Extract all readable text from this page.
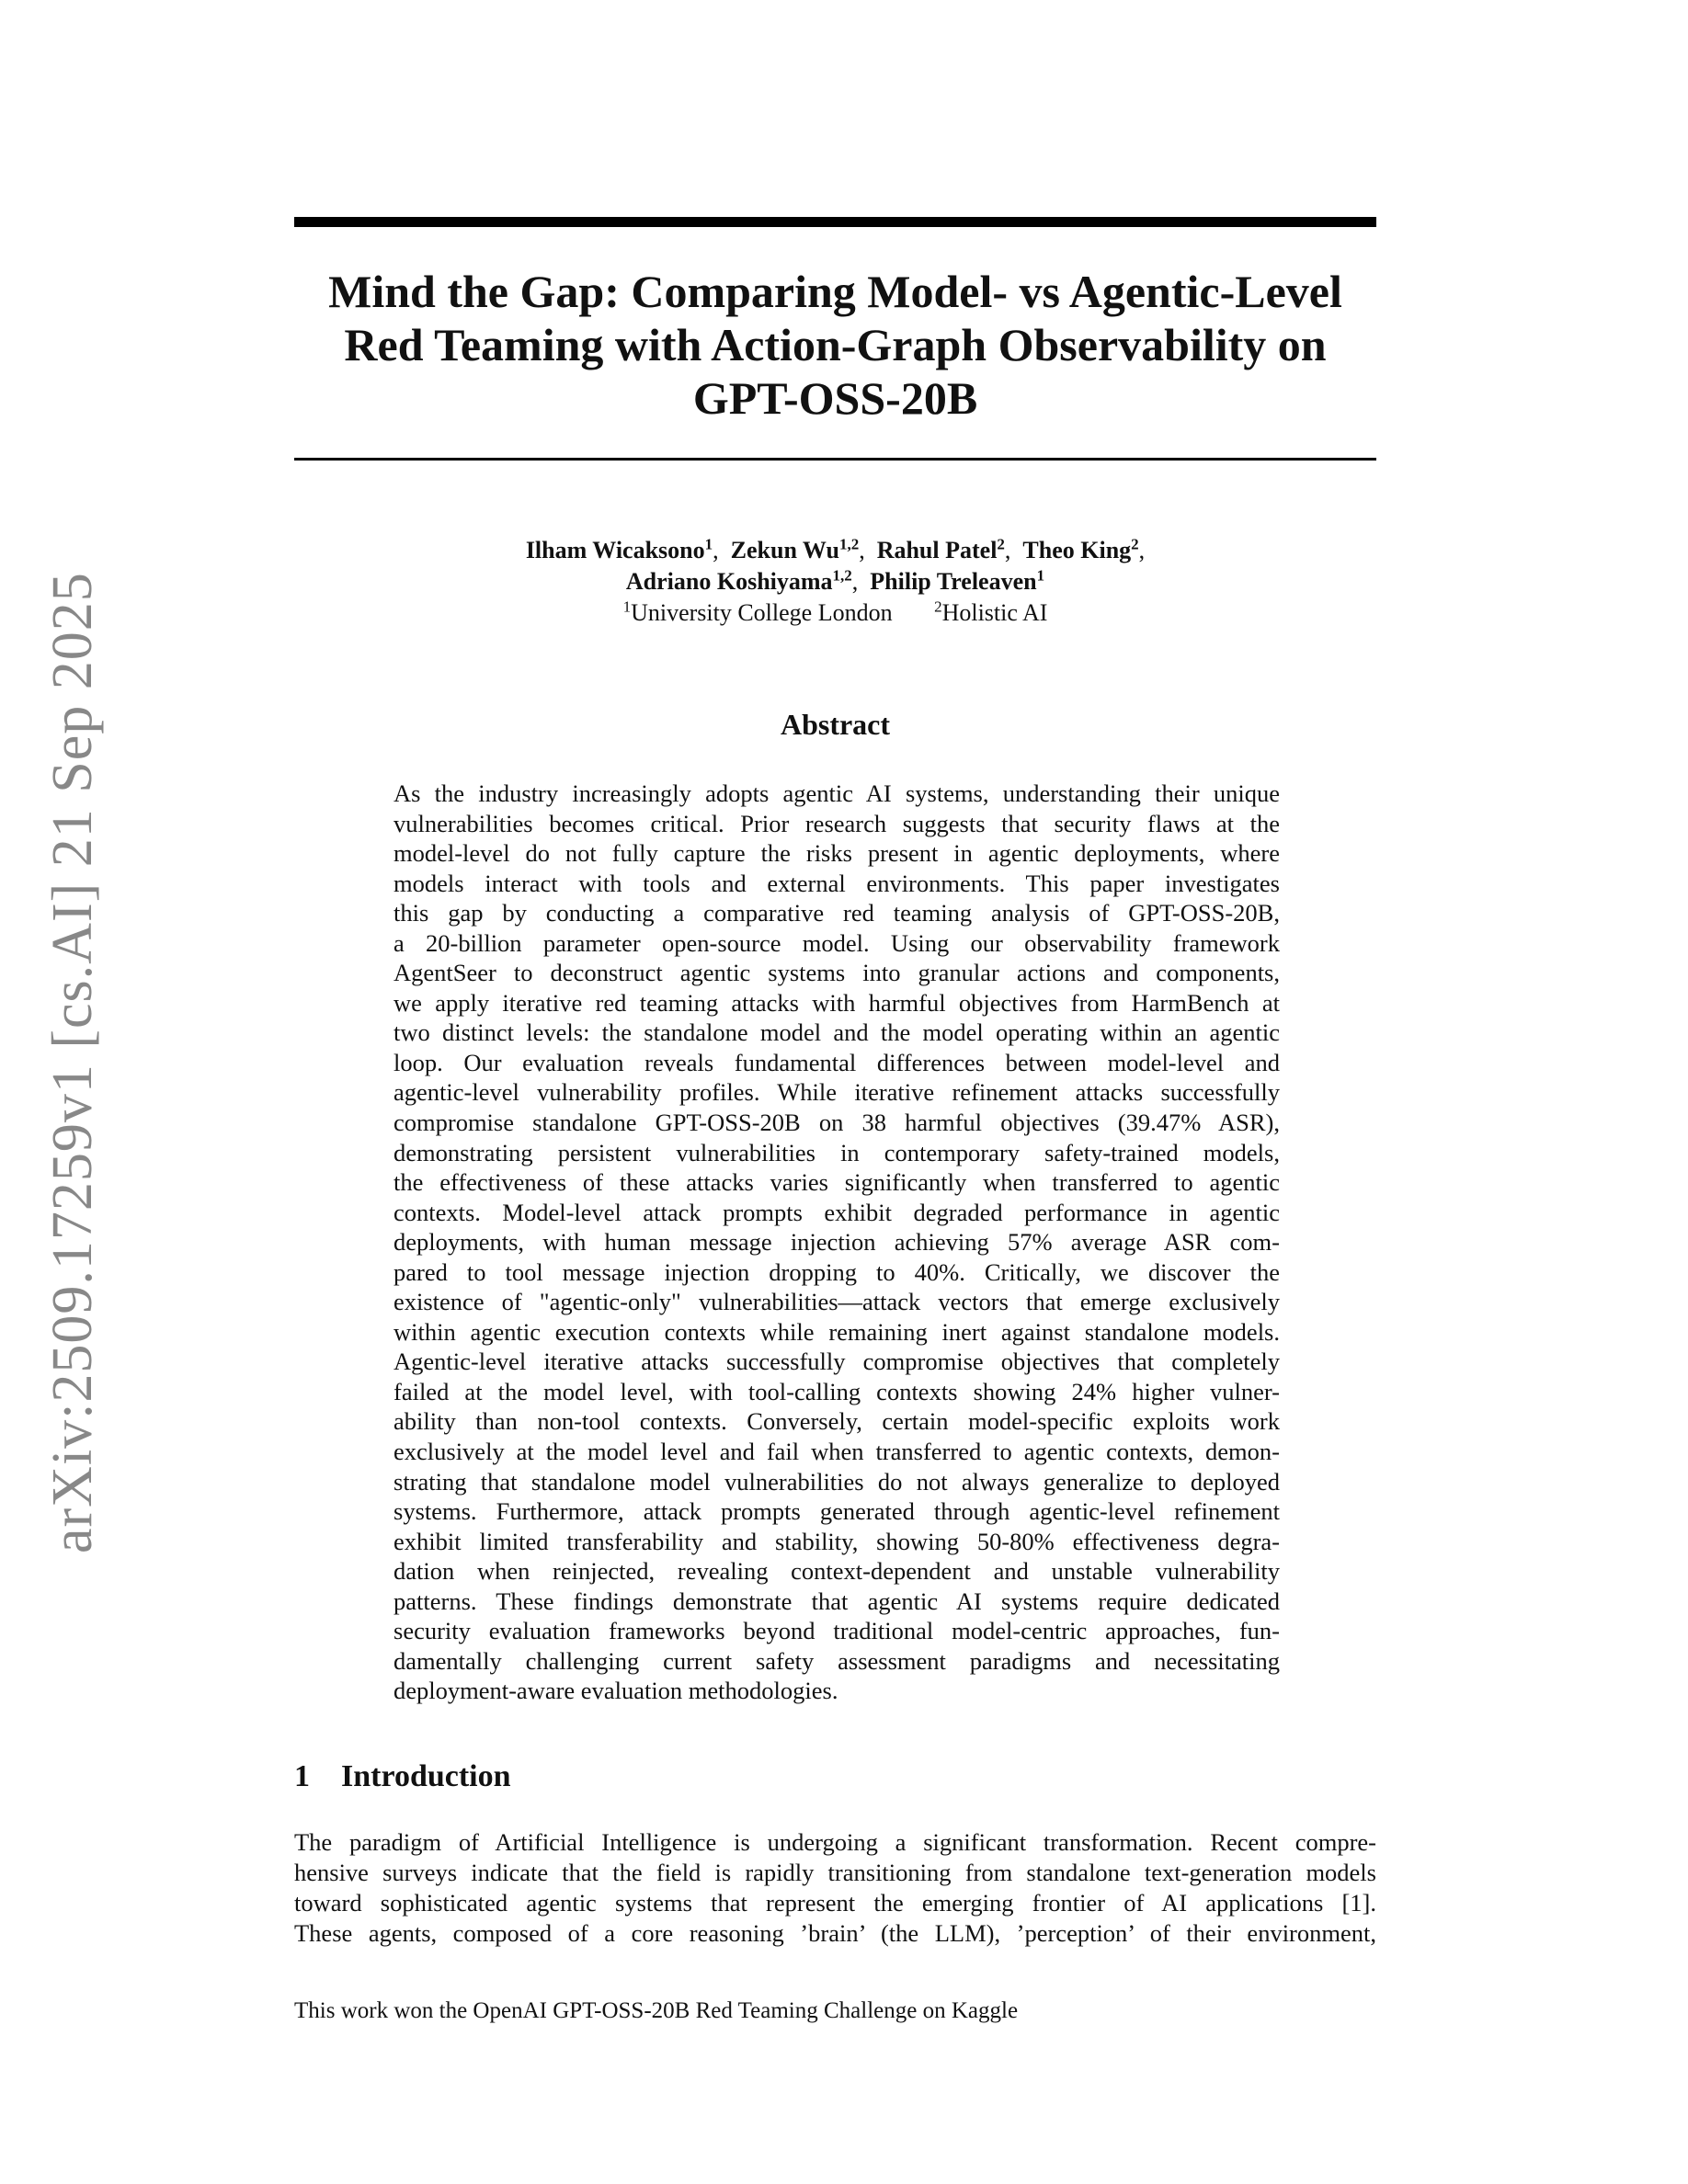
arXiv:2509.17259v1 [cs.AI] 21 Sep 2025
Mind the Gap: Comparing Model- vs Agentic-Level
Red Teaming with Action-Graph Observability on
GPT-OSS-20B
Ilham Wicaksono$^1$,  Zekun Wu$^{1,2}$,  Rahul Patel$^2$,  Theo King$^2$,
Adriano Koshiyama$^{1,2}$,  Philip Treleaven$^1$
$^1$University College London	$^2$Holistic AI
Abstract
As the industry increasingly adopts agentic AI systems, understanding their unique
vulnerabilities becomes critical. Prior research suggests that security flaws at the
model-level do not fully capture the risks present in agentic deployments, where
models interact with tools and external environments. This paper investigates
this gap by conducting a comparative red teaming analysis of GPT-OSS-20B,
a 20-billion parameter open-source model. Using our observability framework
AgentSeer to deconstruct agentic systems into granular actions and components,
we apply iterative red teaming attacks with harmful objectives from HarmBench at
two distinct levels: the standalone model and the model operating within an agentic
loop. Our evaluation reveals fundamental differences between model-level and
agentic-level vulnerability profiles. While iterative refinement attacks successfully
compromise standalone GPT-OSS-20B on 38 harmful objectives (39.47% ASR),
demonstrating persistent vulnerabilities in contemporary safety-trained models,
the effectiveness of these attacks varies significantly when transferred to agentic
contexts. Model-level attack prompts exhibit degraded performance in agentic
deployments, with human message injection achieving 57% average ASR com-
pared to tool message injection dropping to 40%. Critically, we discover the
existence of "agentic-only" vulnerabilities—attack vectors that emerge exclusively
within agentic execution contexts while remaining inert against standalone models.
Agentic-level iterative attacks successfully compromise objectives that completely
failed at the model level, with tool-calling contexts showing 24% higher vulner-
ability than non-tool contexts. Conversely, certain model-specific exploits work
exclusively at the model level and fail when transferred to agentic contexts, demon-
strating that standalone model vulnerabilities do not always generalize to deployed
systems. Furthermore, attack prompts generated through agentic-level refinement
exhibit limited transferability and stability, showing 50-80% effectiveness degra-
dation when reinjected, revealing context-dependent and unstable vulnerability
patterns. These findings demonstrate that agentic AI systems require dedicated
security evaluation frameworks beyond traditional model-centric approaches, fun-
damentally challenging current safety assessment paradigms and necessitating
deployment-aware evaluation methodologies.
1 Introduction
The paradigm of Artificial Intelligence is undergoing a significant transformation. Recent compre-
hensive surveys indicate that the field is rapidly transitioning from standalone text-generation models
toward sophisticated agentic systems that represent the emerging frontier of AI applications [1].
These agents, composed of a core reasoning ’brain’ (the LLM), ’perception’ of their environment,
This work won the OpenAI GPT-OSS-20B Red Teaming Challenge on Kaggle
